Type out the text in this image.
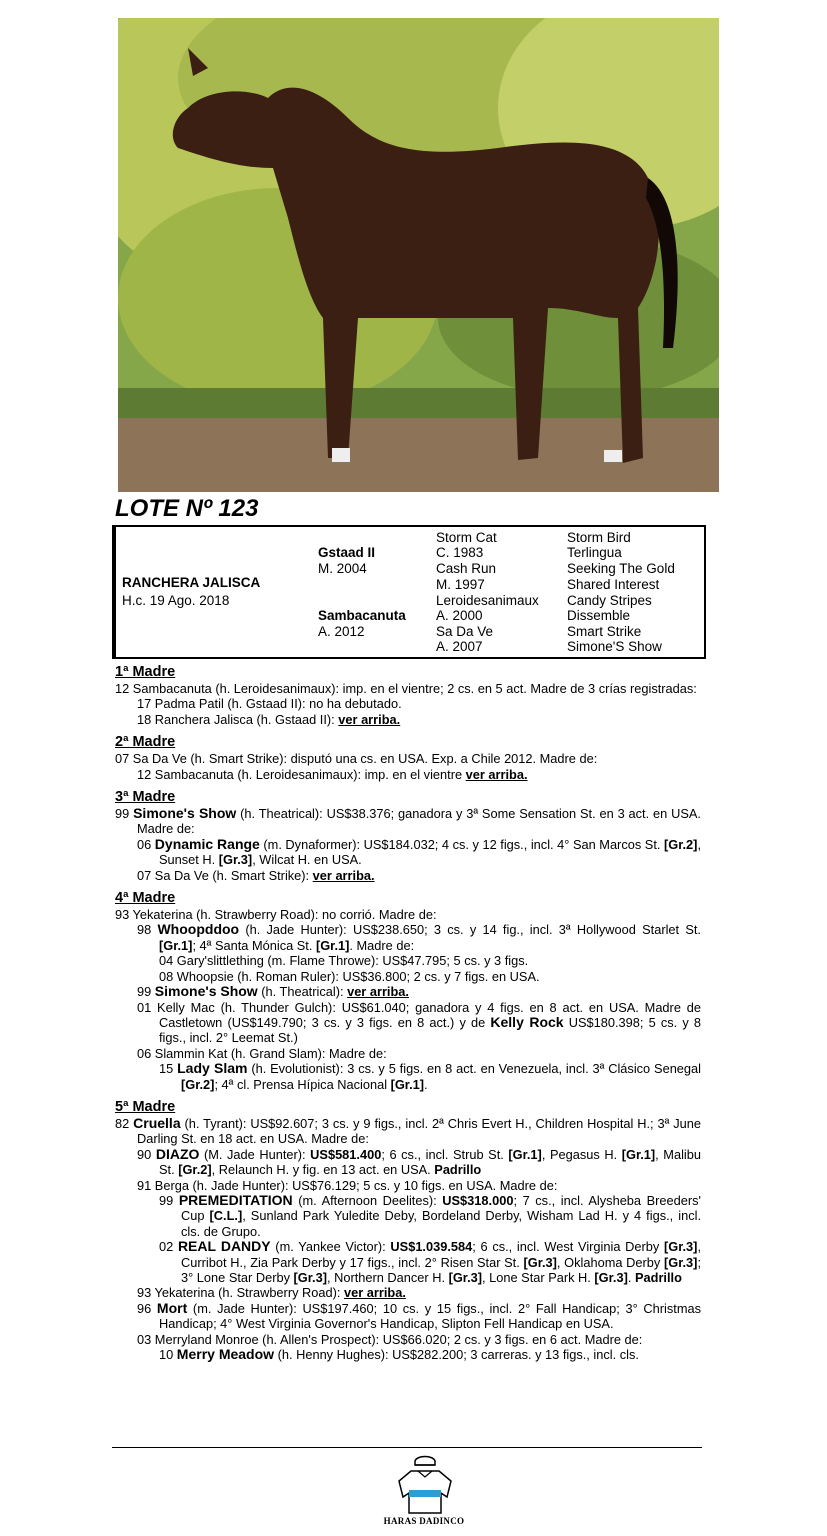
LOTE Nº 123
RANCHERA JALISCA
H.c. 19 Ago. 2018
Gstaad II
M. 2004
Sambacanuta
A. 2012
Storm Cat
C. 1983
Cash Run
M. 1997
Leroidesanimaux
A. 2000
Sa Da Ve
A. 2007
Storm Bird
Terlingua
Seeking The Gold
Shared Interest
Candy Stripes
Dissemble
Smart Strike
Simone'S Show
1ª Madre
12 Sambacanuta (h. Leroidesanimaux): imp. en el vientre; 2 cs. en 5 act. Madre de 3 crías registradas:
17 Padma Patil (h. Gstaad II): no ha debutado.
18 Ranchera Jalisca (h. Gstaad II): ver arriba.
2ª Madre
07 Sa Da Ve (h. Smart Strike): disputó una cs. en USA. Exp. a Chile 2012. Madre de:
12 Sambacanuta (h. Leroidesanimaux): imp. en el vientre ver arriba.
3ª Madre
99 Simone's Show (h. Theatrical): US$38.376; ganadora y 3ª Some Sensation St. en 3 act. en USA. Madre de:
06 Dynamic Range (m. Dynaformer): US$184.032; 4 cs. y 12 figs., incl. 4° San Marcos St. [Gr.2], Sunset H. [Gr.3], Wilcat H. en USA.
07 Sa Da Ve (h. Smart Strike): ver arriba.
4ª Madre
93 Yekaterina (h. Strawberry Road): no corrió. Madre de:
98 Whoopddoo (h. Jade Hunter): US$238.650; 3 cs. y 14 fig., incl. 3ª Hollywood Starlet St. [Gr.1]; 4ª Santa Mónica St. [Gr.1]. Madre de:
04 Gary'slittlething (m. Flame Throwe): US$47.795; 5 cs. y 3 figs.
08 Whoopsie (h. Roman Ruler): US$36.800; 2 cs. y 7 figs. en USA.
99 Simone's Show (h. Theatrical): ver arriba.
01 Kelly Mac (h. Thunder Gulch): US$61.040; ganadora y 4 figs. en 8 act. en USA. Madre de Castletown (US$149.790; 3 cs. y 3 figs. en 8 act.) y de Kelly Rock US$180.398; 5 cs. y 8 figs., incl. 2° Leemat St.)
06 Slammin Kat (h. Grand Slam): Madre de:
15 Lady Slam (h. Evolutionist): 3 cs. y 5 figs. en 8 act. en Venezuela, incl. 3ª Clásico Senegal [Gr.2]; 4ª cl. Prensa Hípica Nacional [Gr.1].
5ª Madre
82 Cruella (h. Tyrant): US$92.607; 3 cs. y 9 figs., incl. 2ª Chris Evert H., Children Hospital H.; 3ª June Darling St. en 18 act. en USA. Madre de:
90 DIAZO (M. Jade Hunter): US$581.400; 6 cs., incl. Strub St. [Gr.1], Pegasus H. [Gr.1], Malibu St. [Gr.2], Relaunch H. y fig. en 13 act. en USA. Padrillo
91 Berga (h. Jade Hunter): US$76.129; 5 cs. y 10 figs. en USA. Madre de:
99 PREMEDITATION (m. Afternoon Deelites): US$318.000; 7 cs., incl. Alysheba Breeders' Cup [C.L.], Sunland Park Yuledite Deby, Bordeland Derby, Wisham Lad H. y 4 figs., incl. cls. de Grupo.
02 REAL DANDY (m. Yankee Victor): US$1.039.584; 6 cs., incl. West Virginia Derby [Gr.3], Curribot H., Zia Park Derby y 17 figs., incl. 2° Risen Star St. [Gr.3], Oklahoma Derby [Gr.3]; 3° Lone Star Derby [Gr.3], Northern Dancer H. [Gr.3], Lone Star Park H. [Gr.3]. Padrillo
93 Yekaterina (h. Strawberry Road): ver arriba.
96 Mort (m. Jade Hunter): US$197.460; 10 cs. y 15 figs., incl. 2° Fall Handicap; 3° Christmas Handicap; 4° West Virginia Governor's Handicap, Slipton Fell Handicap en USA.
03 Merryland Monroe (h. Allen's Prospect): US$66.020; 2 cs. y 3 figs. en 6 act. Madre de:
10 Merry Meadow (h. Henny Hughes): US$282.200; 3 carreras. y 13 figs., incl. cls.
HARAS DADINCO
